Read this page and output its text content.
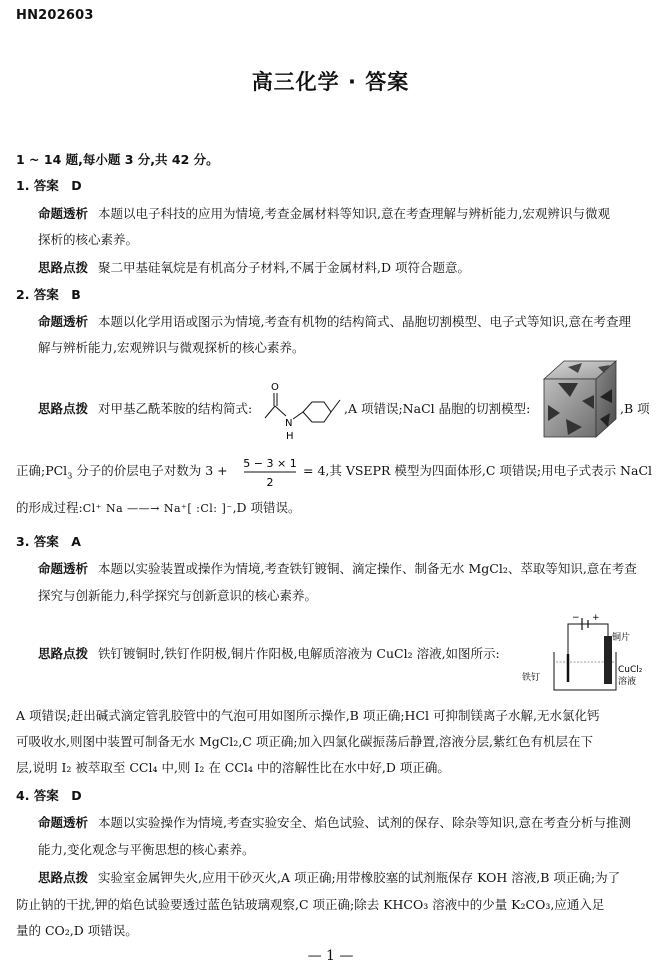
HN202603
高三化学 · 答案
1 ~ 14 题,每小题 3 分,共 42 分。
1. 答案　D
命题透析 本题以电子科技的应用为情境,考查金属材料等知识,意在考查理解与辨析能力,宏观辨识与微观
探析的核心素养。
思路点拨 聚二甲基硅氧烷是有机高分子材料,不属于金属材料,D 项符合题意。
2. 答案　B
命题透析 本题以化学用语或图示为情境,考查有机物的结构简式、晶胞切割模型、电子式等知识,意在考查理
解与辨析能力,宏观辨识与微观探析的核心素养。
思路点拨 对甲基乙酰苯胺的结构简式:
O
N
H
,A 项错误;NaCl 晶胞的切割模型:	,B 项
正确;PCl$_3$ 分子的价层电子对数为 3 + 5 − 3 × 1
2
= 4,其 VSEPR 模型为四面体形,C 项错误;用电子式表示 NaCl
的形成过程:Cl⁺ Na ——→ Na⁺[ :Cl: ]⁻,D 项错误。
3. 答案　A
命题透析 本题以实验装置或操作为情境,考查铁钉镀铜、滴定操作、制备无水 MgCl₂、萃取等知识,意在考查
探究与创新能力,科学探究与创新意识的核心素养。
思路点拨 铁钉镀铜时,铁钉作阴极,铜片作阳极,电解质溶液为 CuCl₂ 溶液,如图所示:
− +
铜片
铁钉
CuCl₂
溶液
A 项错误;赶出碱式滴定管乳胶管中的气泡可用如图所示操作,B 项正确;HCl 可抑制镁离子水解,无水氯化钙
可吸收水,则图中装置可制备无水 MgCl₂,C 项正确;加入四氯化碳振荡后静置,溶液分层,紫红色有机层在下
层,说明 I₂ 被萃取至 CCl₄ 中,则 I₂ 在 CCl₄ 中的溶解性比在水中好,D 项正确。
4. 答案　D
命题透析 本题以实验操作为情境,考查实验安全、焰色试验、试剂的保存、除杂等知识,意在考查分析与推测
能力,变化观念与平衡思想的核心素养。
思路点拨 实验室金属钾失火,应用干砂灭火,A 项正确;用带橡胶塞的试剂瓶保存 KOH 溶液,B 项正确;为了
防止钠的干扰,钾的焰色试验要透过蓝色钴玻璃观察,C 项正确;除去 KHCO₃ 溶液中的少量 K₂CO₃,应通入足
量的 CO₂,D 项错误。
— 1 —
